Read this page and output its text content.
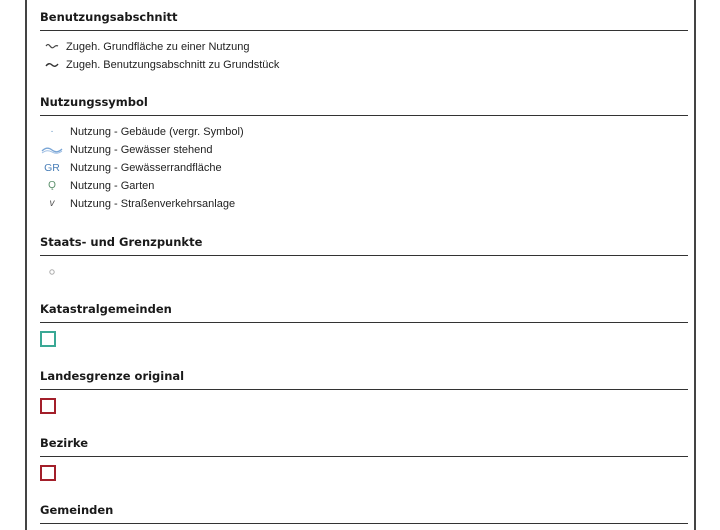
Benutzungsabschnitt
Zugeh. Grundfläche zu einer Nutzung
Zugeh. Benutzungsabschnitt zu Grundstück
Nutzungssymbol
·	Nutzung - Gebäude (vergr. Symbol)
Nutzung - Gewässer stehend
GR Nutzung - Gewässerrandfläche
Ǫ	Nutzung - Garten
v	Nutzung - Straßenverkehrsanlage
Staats- und Grenzpunkte
Katastralgemeinden
Landesgrenze original
Bezirke
Gemeinden
